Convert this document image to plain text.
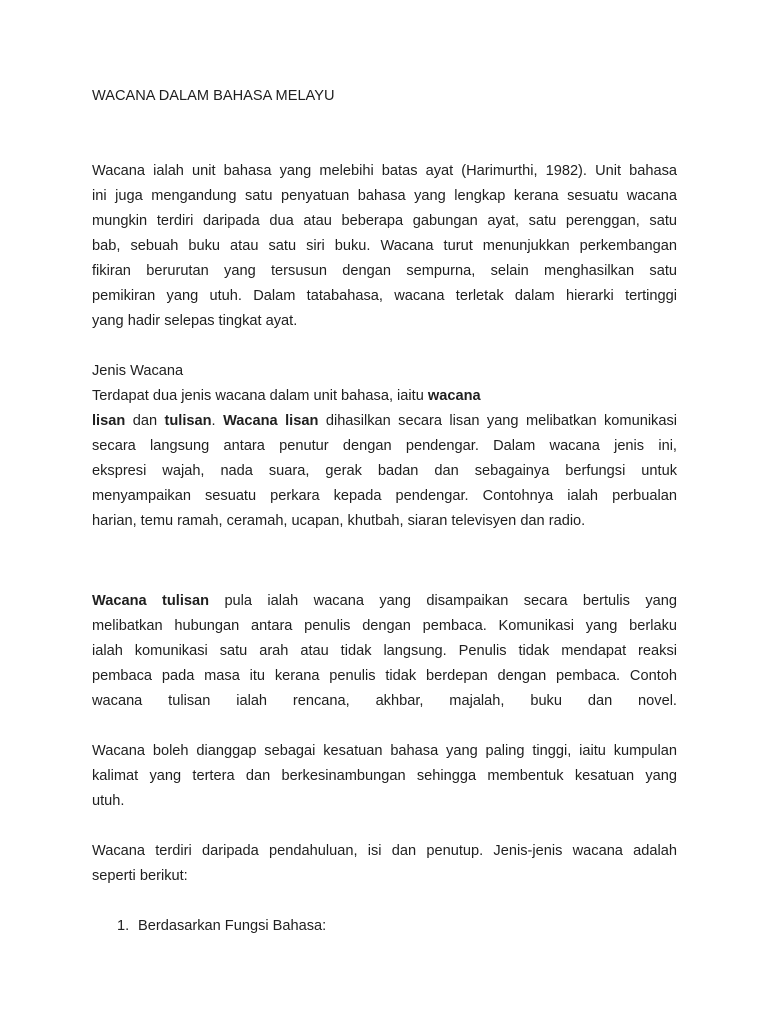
WACANA DALAM BAHASA MELAYU

Wacana ialah unit bahasa yang melebihi batas ayat (Harimurthi, 1982). Unit bahasa
ini juga mengandung satu penyatuan bahasa yang lengkap kerana sesuatu wacana
mungkin terdiri daripada dua atau beberapa gabungan ayat, satu perenggan, satu
bab, sebuah buku atau satu siri buku. Wacana turut menunjukkan perkembangan
fikiran berurutan yang tersusun dengan sempurna, selain menghasilkan satu
pemikiran yang utuh. Dalam tatabahasa, wacana terletak dalam hierarki tertinggi
yang hadir selepas tingkat ayat.

Jenis Wacana

Terdapat dua jenis wacana dalam unit bahasa, iaitu wacana
lisan dan tulisan. Wacana lisan dihasilkan secara lisan yang melibatkan komunikasi
secara langsung antara penutur dengan pendengar. Dalam wacana jenis ini,
ekspresi wajah, nada suara, gerak badan dan sebagainya berfungsi untuk
menyampaikan sesuatu perkara kepada pendengar. Contohnya ialah perbualan
harian, temu ramah, ceramah, ucapan, khutbah, siaran televisyen dan radio.
Wacana tulisan pula ialah wacana yang disampaikan secara bertulis yang
melibatkan hubungan antara penulis dengan pembaca. Komunikasi yang berlaku
ialah komunikasi satu arah atau tidak langsung. Penulis tidak mendapat reaksi
pembaca pada masa itu kerana penulis tidak berdepan dengan pembaca. Contoh
wacana tulisan ialah rencana, akhbar, majalah, buku dan novel.
Wacana boleh dianggap sebagai kesatuan bahasa yang paling tinggi, iaitu kumpulan
kalimat yang tertera dan berkesinambungan sehingga membentuk kesatuan yang
utuh.
Wacana terdiri daripada pendahuluan, isi dan penutup. Jenis-jenis wacana adalah
seperti berikut:
1. Berdasarkan Fungsi Bahasa:
